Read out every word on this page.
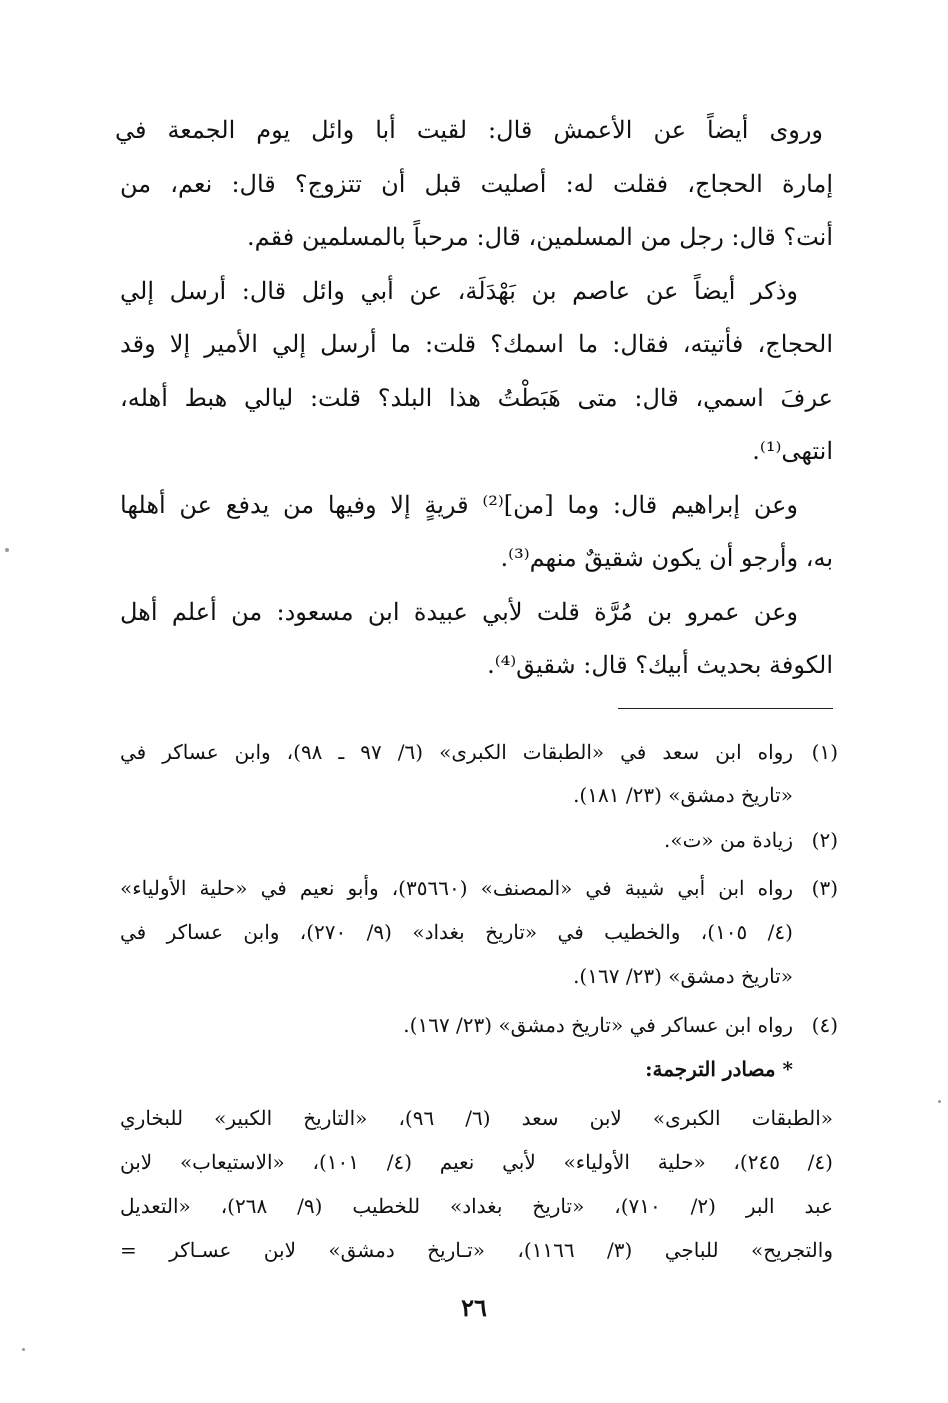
وروى أيضاً عن الأعمش قال: لقيت أبا وائل يوم الجمعة في
إمارة الحجاج، فقلت له: أصليت قبل أن تتزوج؟ قال: نعم، من
أنت؟ قال: رجل من المسلمين، قال: مرحباً بالمسلمين فقم.
وذكر أيضاً عن عاصم بن بَهْدَلَة، عن أبي وائل قال: أرسل إلي
الحجاج، فأتيته، فقال: ما اسمك؟ قلت: ما أرسل إلي الأمير إلا وقد
عرفَ اسمي، قال: متى هَبَطْتُ هذا البلد؟ قلت: ليالي هبط أهله،
انتهى⁽¹⁾.
وعن إبراهيم قال: وما [من]⁽²⁾ قريةٍ إلا وفيها من يدفع عن أهلها
به، وأرجو أن يكون شقيقٌ منهم⁽³⁾.
وعن عمرو بن مُرَّة قلت لأبي عبيدة ابن مسعود: من أعلم أهل
الكوفة بحديث أبيك؟ قال: شقيق⁽⁴⁾.
(١)
رواه ابن سعد في «الطبقات الكبرى» (٦/ ٩٧ ـ ٩٨)، وابن عساكر في
«تاريخ دمشق» (٢٣/ ١٨١).
(٢)
زيادة من «ت».
(٣)
رواه ابن أبي شيبة في «المصنف» (٣٥٦٦٠)، وأبو نعيم في «حلية الأولياء»
(٤/ ١٠٥)، والخطيب في «تاريخ بغداد» (٩/ ٢٧٠)، وابن عساكر في
«تاريخ دمشق» (٢٣/ ١٦٧).
(٤)
رواه ابن عساكر في «تاريخ دمشق» (٢٣/ ١٦٧).
* مصادر الترجمة:
«الطبقات الكبرى» لابن سعد (٦/ ٩٦)، «التاريخ الكبير» للبخاري
(٤/ ٢٤٥)، «حلية الأولياء» لأبي نعيم (٤/ ١٠١)، «الاستيعاب» لابن
عبد البر (٢/ ٧١٠)، «تاريخ بغداد» للخطيب (٩/ ٢٦٨)، «التعديل
والتجريح» للباجي (٣/ ١١٦٦)، «تـاريخ دمشق» لابن عسـاكر =
٢٦
